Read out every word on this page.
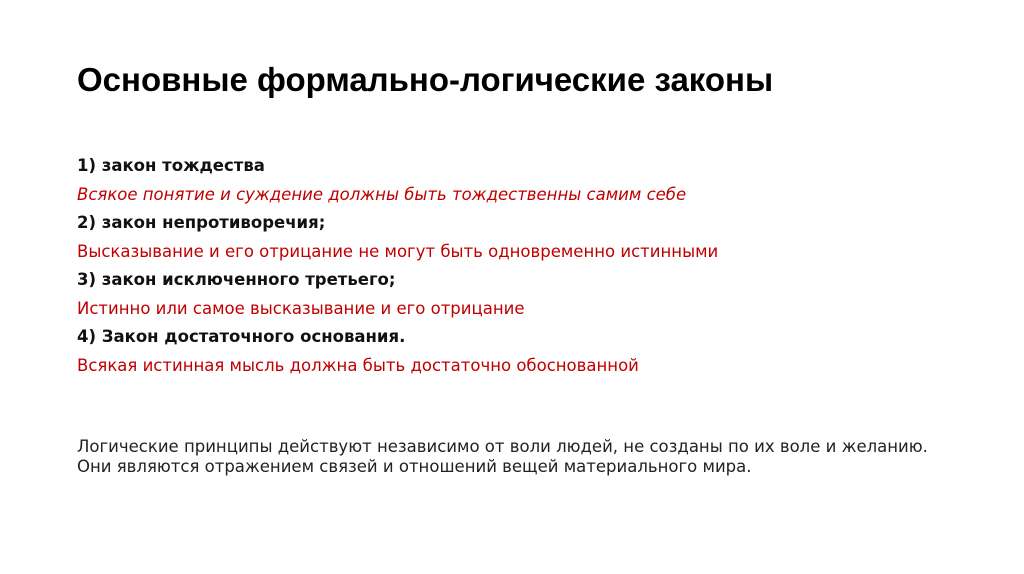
Основные формально-логические законы
1) закон тождества
Всякое понятие и суждение должны быть тождественны самим себе
2) закон непротиворечия;
Высказывание и его отрицание не могут быть одновременно истинными
3) закон исключенного третьего;
Истинно или самое высказывание и его отрицание
4) Закон достаточного основания.
Всякая истинная мысль должна быть достаточно обоснованной
Логические принципы действуют независимо от воли людей, не созданы по их воле и желанию. Они являются отражением связей и отношений вещей материального мира.
